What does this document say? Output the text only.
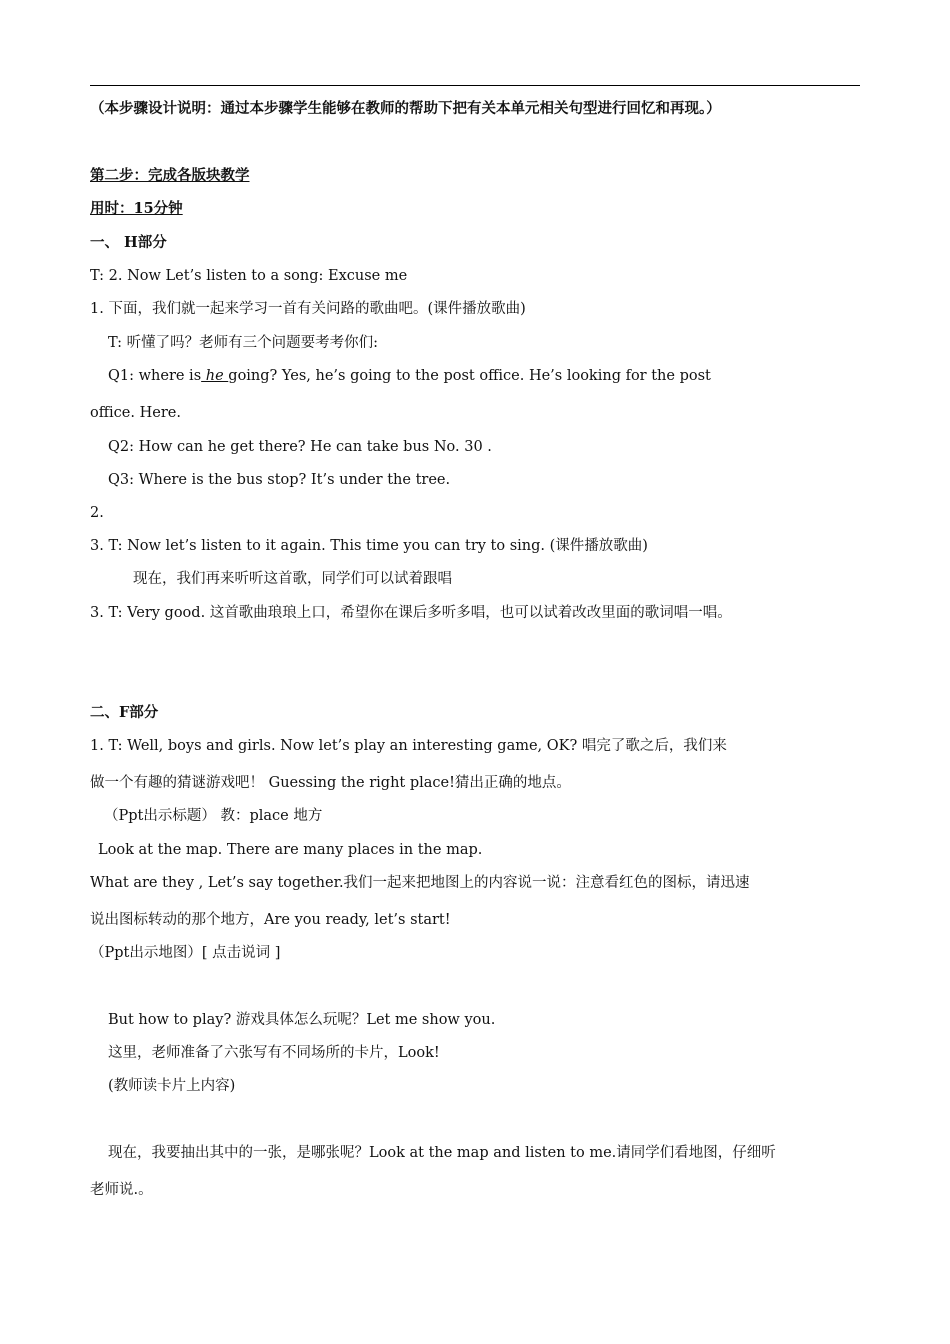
（本步骤设计说明：通过本步骤学生能够在教师的帮助下把有关本单元相关句型进行回忆和再现。）
第二步：完成各版块教学
用时：15分钟
一、 H部分
T: 2. Now Let’s listen to a song: Excuse me
1. 下面，我们就一起来学习一首有关问路的歌曲吧。(课件播放歌曲)
T: 听懂了吗？老师有三个问题要考考你们:
Q1: where is he going? Yes, he’s going to the post office. He’s looking for the post
office. Here.
Q2: How can he get there? He can take bus No. 30 .
Q3: Where is the bus stop? It’s under the tree.
2.
3. T: Now let’s listen to it again. This time you can try to sing. (课件播放歌曲)
现在，我们再来听听这首歌，同学们可以试着跟唱
3. T: Very good. 这首歌曲琅琅上口，希望你在课后多听多唱，也可以试着改改里面的歌词唱一唱。
二、F部分
1. T: Well, boys and girls. Now let’s play an interesting game, OK? 唱完了歌之后，我们来
做一个有趣的猜谜游戏吧！ Guessing the right place!猜出正确的地点。
（Ppt出示标题） 教：place 地方
Look at the map. There are many places in the map.
What are they , Let’s say together.我们一起来把地图上的内容说一说：注意看红色的图标，请迅速
说出图标转动的那个地方，Are you ready, let’s start!
（Ppt出示地图）[ 点击说词 ]
But how to play? 游戏具体怎么玩呢？Let me show you.
这里，老师准备了六张写有不同场所的卡片，Look!
(教师读卡片上内容)
现在，我要抽出其中的一张，是哪张呢？Look at the map and listen to me.请同学们看地图，仔细听
老师说.。
